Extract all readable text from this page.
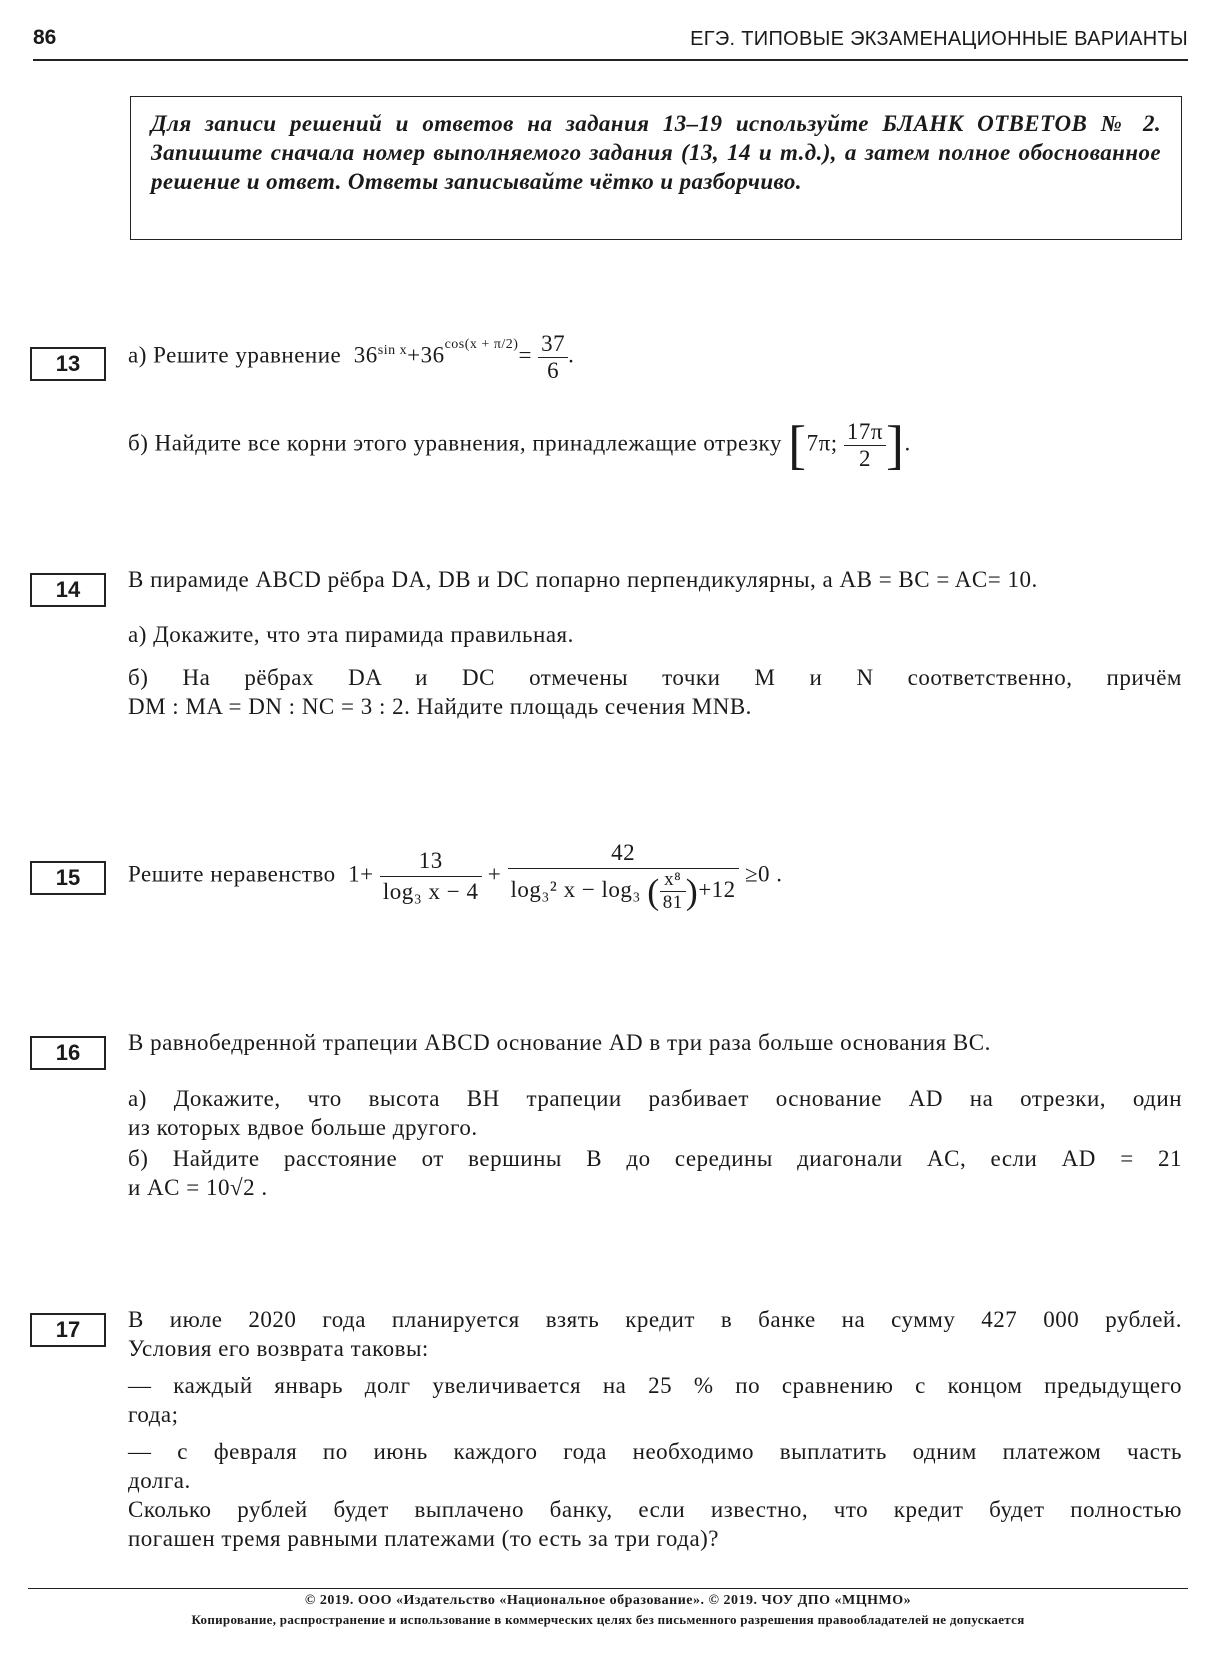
86	ЕГЭ. ТИПОВЫЕ ЭКЗАМЕНАЦИОННЫЕ ВАРИАНТЫ
Для записи решений и ответов на задания 13–19 используйте БЛАНК ОТВЕТОВ № 2. Запишите сначала номер выполняемого задания (13, 14 и т.д.), а затем полное обоснованное решение и ответ. Ответы записывайте чётко и разборчиво.
13	а) Решите уравнение $36^{sin x}+36^{cos(x + \pi/2)}= \frac{37}{6}$ .
б) Найдите все корни этого уравнения, принадлежащие отрезку [7π; $\frac{17\pi}{2}$ ].
14	В пирамиде ABCD рёбра DA, DB и DC попарно перпендикулярны, а AB = BC = AC= 10.
а) Докажите, что эта пирамида правильная.
б) На рёбрах DA и DC отмечены точки M и N соответственно, причём
DM : MA = DN : NC = 3 : 2. Найдите площадь сечения MNB.
15	Решите неравенство $1+ \frac{13}{\text{log₃ x − 4}} + \frac{42}{\log_3^2 x - \log_3 ( \frac{\text{x⁸}}{81} )+12} \ge 0$ .
16	В равнобедренной трапеции ABCD основание AD в три раза больше основания BC.
а) Докажите, что высота BH трапеции разбивает основание AD на отрезки, один
из которых вдвое больше другого.
б) Найдите расстояние от вершины B до середины диагонали AC, если AD = 21
и AC = 10√2 .
17	В июле 2020 года планируется взять кредит в банке на сумму 427 000 рублей.
Условия его возврата таковы:
— каждый январь долг увеличивается на 25 % по сравнению с концом предыдущего
года;
— с февраля по июнь каждого года необходимо выплатить одним платежом часть
долга.
Сколько рублей будет выплачено банку, если известно, что кредит будет полностью
погашен тремя равными платежами (то есть за три года)?
© 2019. ООО «Издательство «Национальное образование». © 2019. ЧОУ ДПО «МЦНМО»
Копирование, распространение и использование в коммерческих целях без письменного разрешения правообладателей не допускается
